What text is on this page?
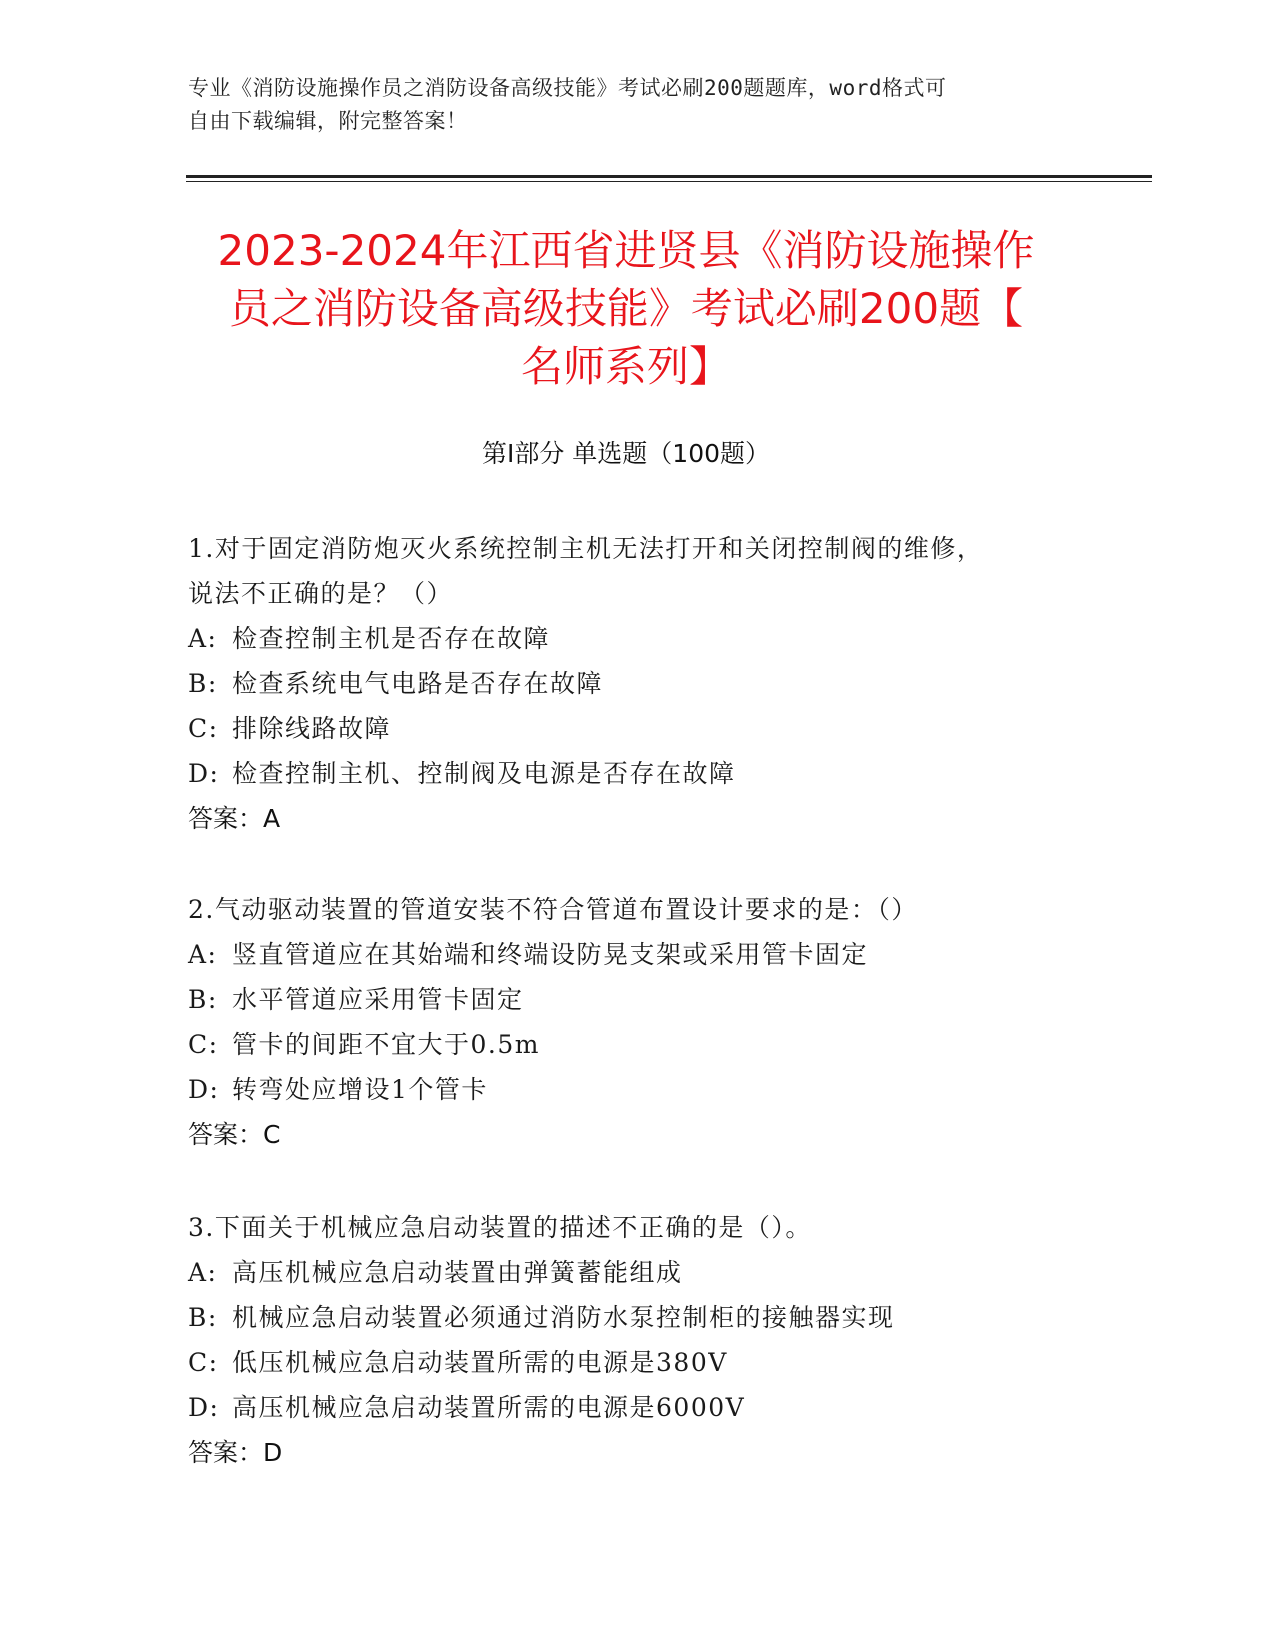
专业《消防设施操作员之消防设备高级技能》考试必刷200题题库，word格式可
自由下载编辑，附完整答案！
2023-2024年江西省进贤县《消防设施操作
员之消防设备高级技能》考试必刷200题【
名师系列】
第I部分 单选题（100题）
1.对于固定消防炮灭火系统控制主机无法打开和关闭控制阀的维修，
说法不正确的是？（）
A: 检查控制主机是否存在故障
B: 检查系统电气电路是否存在故障
C: 排除线路故障
D: 检查控制主机、控制阀及电源是否存在故障
答案：A
2.气动驱动装置的管道安装不符合管道布置设计要求的是：（）
A: 竖直管道应在其始端和终端设防晃支架或采用管卡固定
B: 水平管道应采用管卡固定
C: 管卡的间距不宜大于0.5m
D: 转弯处应增设1个管卡
答案：C
3.下面关于机械应急启动装置的描述不正确的是（）。
A: 高压机械应急启动装置由弹簧蓄能组成
B: 机械应急启动装置必须通过消防水泵控制柜的接触器实现
C: 低压机械应急启动装置所需的电源是380V
D: 高压机械应急启动装置所需的电源是6000V
答案：D
